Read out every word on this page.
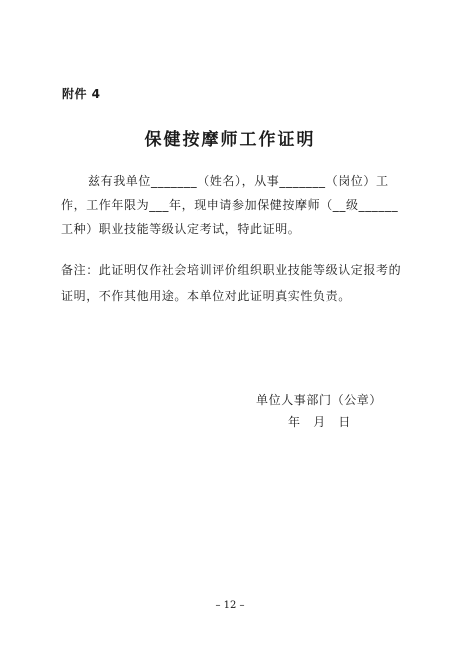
附件 4
保健按摩师工作证明
兹有我单位_______（姓名），从事_______（岗位）工
作，工作年限为___年，现申请参加保健按摩师（__级______
工种）职业技能等级认定考试，特此证明。
备注：此证明仅作社会培训评价组织职业技能等级认定报考的
证明，不作其他用途。本单位对此证明真实性负责。
单位人事部门（公章）
年　月　日
– 12 –
